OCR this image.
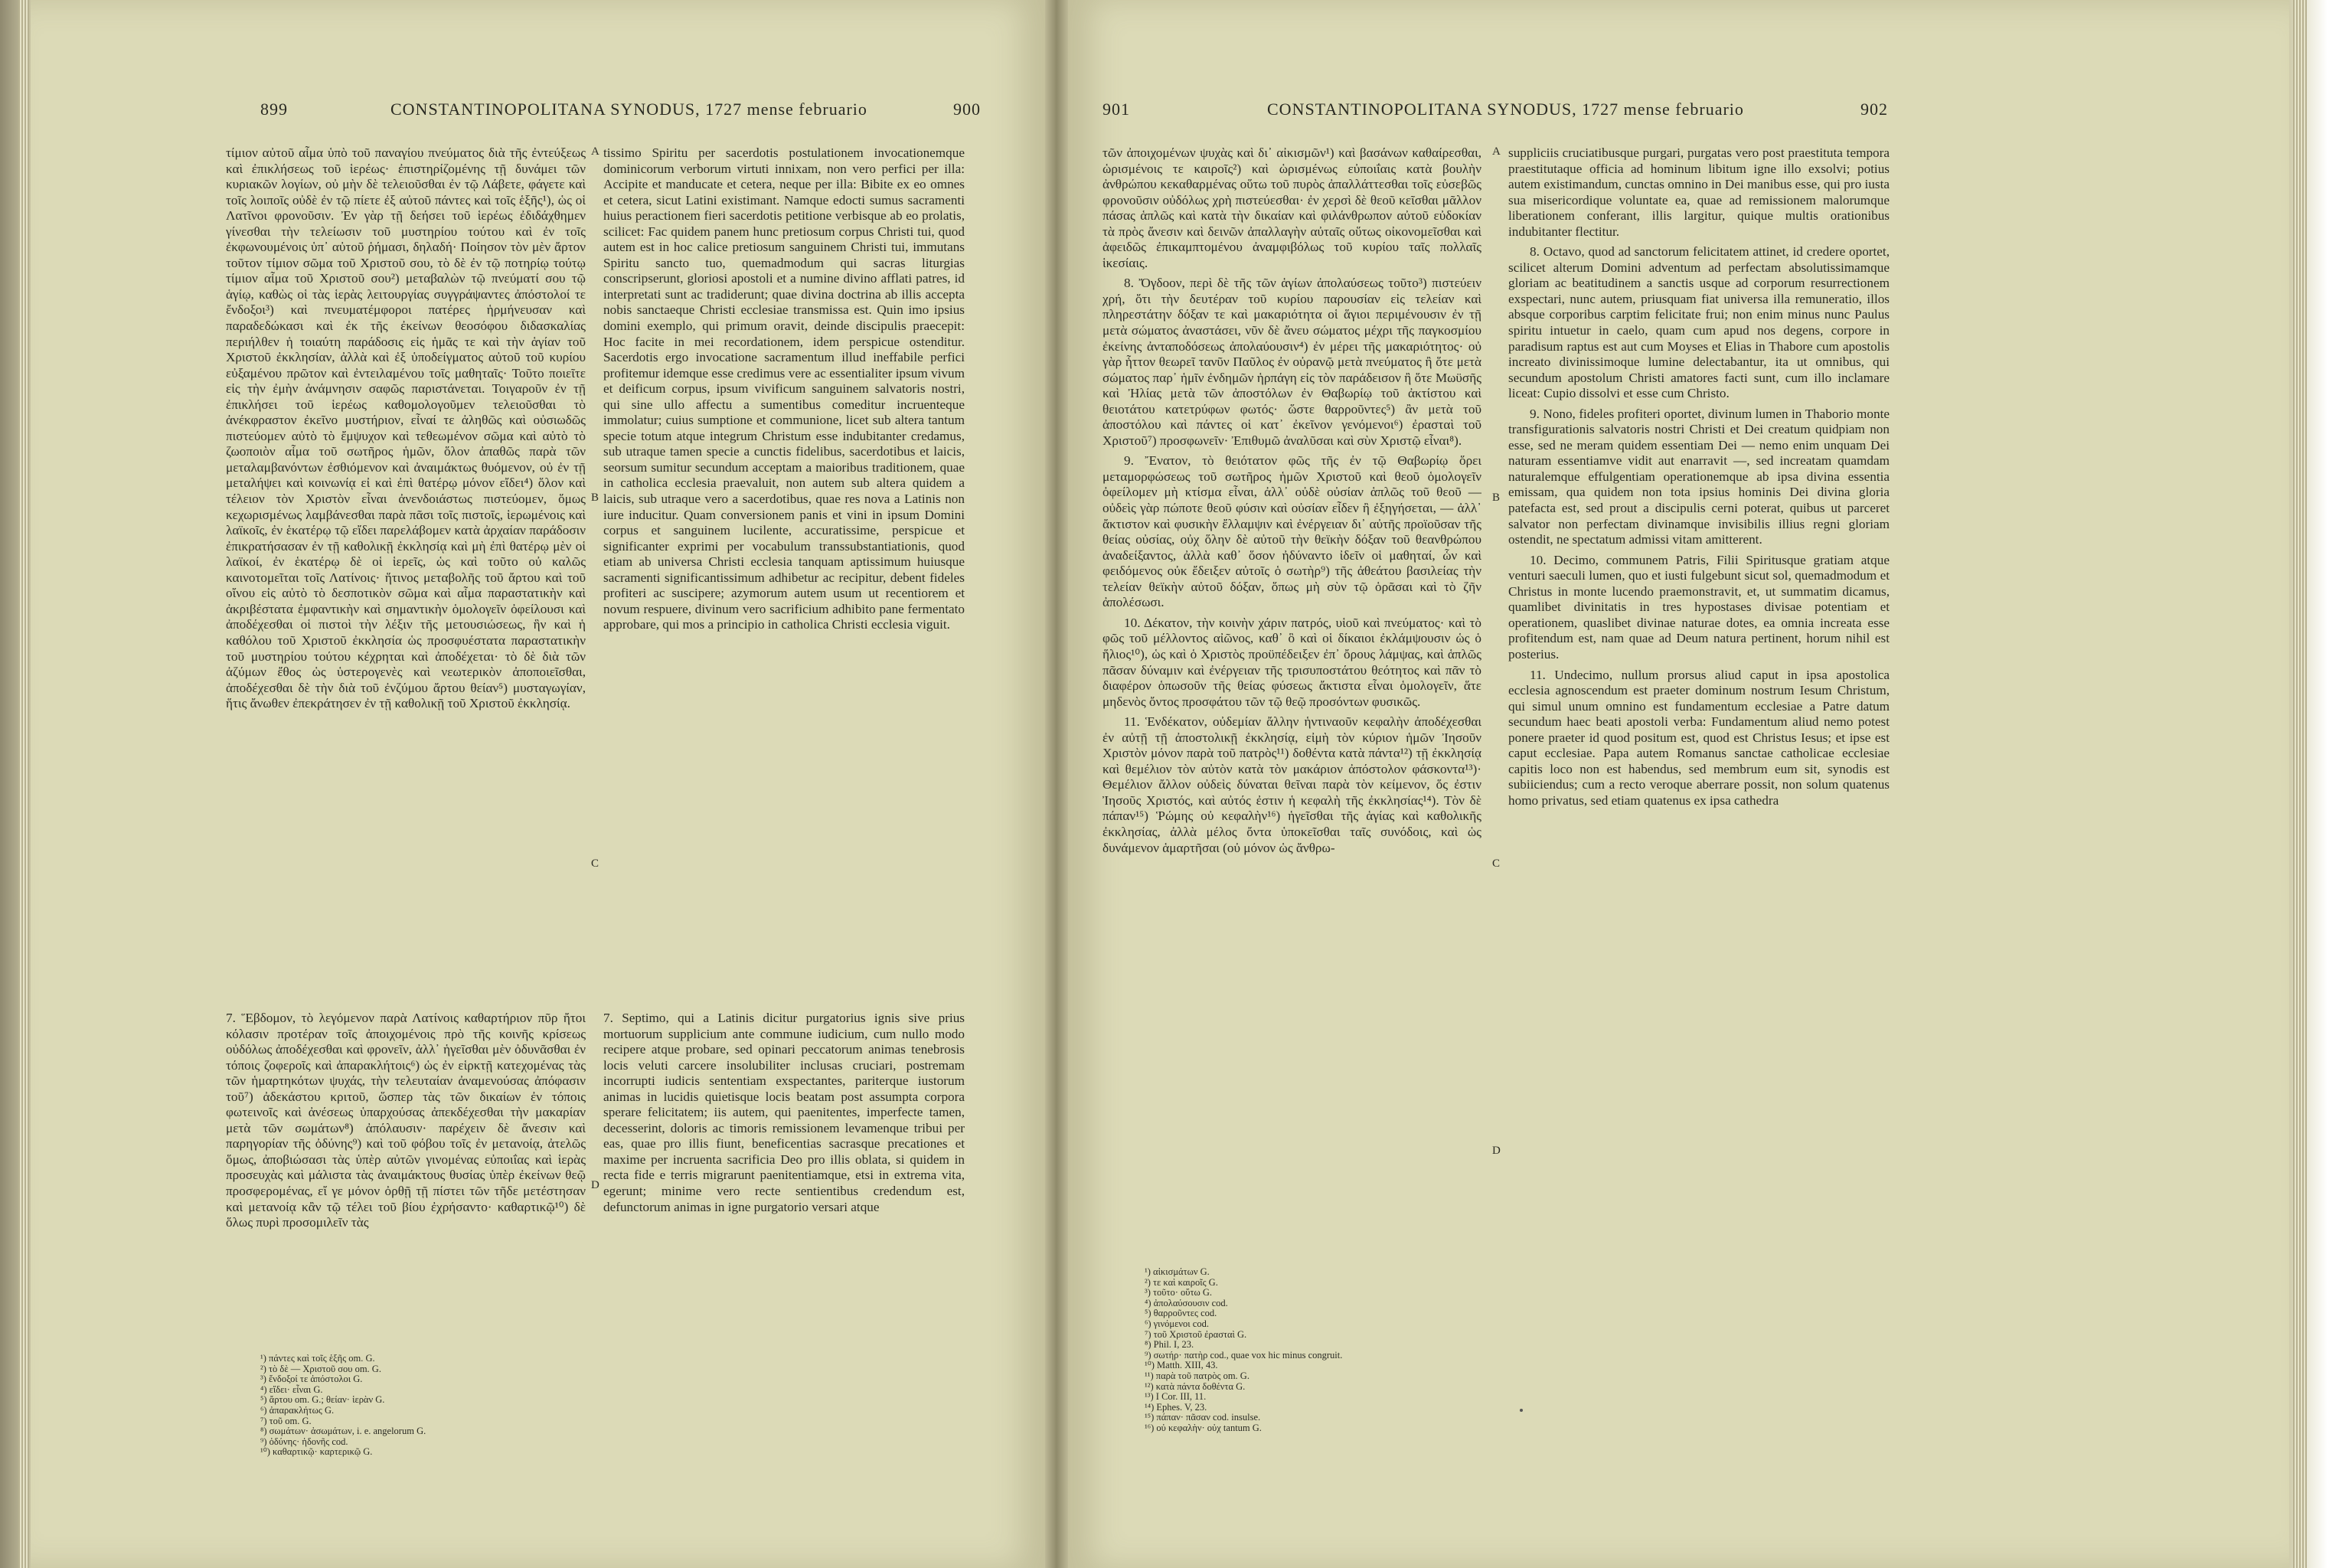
899	CONSTANTINOPOLITANA SYNODUS, 1727 mense februario	900

τίμιον αὐτοῦ αἷμα ὑπὸ τοῦ παναγίου πνεύματος διὰ τῆς ἐντεύξεως καὶ ἐπικλήσεως τοῦ ἱερέως· ἐπιστηρίζομένης τῇ δυνάμει τῶν κυριακῶν λογίων, οὐ μὴν δὲ τελειοῦσθαι ἐν τῷ Λάβετε, φάγετε καὶ τοῖς λοιποῖς οὐδὲ ἐν τῷ πίετε ἐξ αὐτοῦ πάντες καὶ τοῖς ἑξῆς¹), ὡς οἱ Λατῖνοι φρονοῦσιν. Ἐν γὰρ τῇ δεήσει τοῦ ἱερέως ἐδιδάχθημεν γίνεσθαι τὴν τελείωσιν τοῦ μυστηρίου τούτου καὶ ἐν τοῖς ἐκφωνουμένοις ὑπ᾽ αὐτοῦ ῥήμασι, δηλαδή· Ποίησον τὸν μὲν ἄρτον τοῦτον τίμιον σῶμα τοῦ Χριστοῦ σου, τὸ δὲ ἐν τῷ ποτηρίῳ τούτῳ τίμιον αἷμα τοῦ Χριστοῦ σου²) μεταβαλὼν τῷ πνεύματί σου τῷ ἁγίῳ, καθὼς οἱ τὰς ἱερὰς λειτουργίας συγγράψαντες ἀπόστολοί τε ἔνδοξοι³) καὶ πνευματέμφοροι πατέρες ἡρμήνευσαν καὶ παραδεδώκασι καὶ ἐκ τῆς ἐκείνων θεοσόφου διδασκαλίας περιήλθεν ἡ τοιαύτη παράδοσις εἰς ἡμᾶς τε καὶ τὴν ἁγίαν τοῦ Χριστοῦ ἐκκλησίαν, ἀλλὰ καὶ ἐξ ὑποδείγματος αὐτοῦ τοῦ κυρίου εὐξαμένου πρῶτον καὶ ἐντειλαμένου τοῖς μαθηταῖς· Τοῦτο ποιεῖτε εἰς τὴν ἐμὴν ἀνάμνησιν σαφῶς παριστάνεται. Τοιγαροῦν ἐν τῇ ἐπικλήσει τοῦ ἱερέως καθομολογοῦμεν τελειοῦσθαι τὸ ἀνέκφραστον ἐκεῖνο μυστήριον, εἶναί τε ἀληθῶς καὶ οὐσιωδῶς πιστεύομεν αὐτὸ τὸ ἔμψυχον καὶ τεθεωμένον σῶμα καὶ αὐτὸ τὸ ζωοποιὸν αἷμα τοῦ σωτῆρος ἡμῶν, ὅλον ἀπαθῶς παρὰ τῶν μεταλαμβανόντων ἐσθιόμενον καὶ ἀναιμάκτως θυόμενον, οὐ ἐν τῇ μεταλήψει καὶ κοινωνίᾳ εἰ καὶ ἐπὶ θατέρῳ μόνον εἴδει⁴) ὅλον καὶ τέλειον τὸν Χριστὸν εἶναι ἀνενδοιάστως πιστεύομεν, ὅμως κεχωρισμένως λαμβάνεσθαι παρὰ πᾶσι τοῖς πιστοῖς, ἱερωμένοις καὶ λαϊκοῖς, ἐν ἑκατέρῳ τῷ εἴδει παρελάβομεν κατὰ ἀρχαίαν παράδοσιν ἐπικρατήσασαν ἐν τῇ καθολικῇ ἐκκλησίᾳ καὶ μὴ ἐπὶ θατέρῳ μὲν οἱ λαϊκοί, ἐν ἑκατέρῳ δὲ οἱ ἱερεῖς, ὡς καὶ τοῦτο οὐ καλῶς καινοτομεῖται τοῖς Λατίνοις· ἥτινος μεταβολῆς τοῦ ἄρτου καὶ τοῦ οἴνου εἰς αὐτὸ τὸ δεσποτικὸν σῶμα καὶ αἷμα παραστατικὴν καὶ ἀκριβέστατα ἐμφαντικὴν καὶ σημαντικὴν ὁμολογεῖν ὀφείλουσι καὶ ἀποδέχεσθαι οἱ πιστοὶ τὴν λέξιν τῆς μετουσιώσεως, ἣν καὶ ἡ καθόλου τοῦ Χριστοῦ ἐκκλησία ὡς προσφυέστατα παραστατικὴν τοῦ μυστηρίου τούτου κέχρηται καὶ ἀποδέχεται· τὸ δὲ διὰ τῶν ἀζύμων ἔθος ὡς ὑστερογενὲς καὶ νεωτερικὸν ἀποποιεῖσθαι, ἀποδέχεσθαι δὲ τὴν διὰ τοῦ ἐνζύμου ἄρτου θείαν⁵) μυσταγωγίαν, ἥτις ἄνωθεν ἐπεκράτησεν ἐν τῇ καθολικῇ τοῦ Χριστοῦ ἐκκλησίᾳ.

tissimo Spiritu per sacerdotis postulationem invocationemque dominicorum verborum virtuti innixam, non vero perfici per illa: Accipite et manducate et cetera, neque per illa: Bibite ex eo omnes et cetera, sicut Latini existimant. Namque edocti sumus sacramenti huius peractionem fieri sacerdotis petitione verbisque ab eo prolatis, scilicet: Fac quidem panem hunc pretiosum corpus Christi tui, quod autem est in hoc calice pretiosum sanguinem Christi tui, immutans Spiritu sancto tuo, quemadmodum qui sacras liturgias conscripserunt, gloriosi apostoli et a numine divino afflati patres, id interpretati sunt ac tradiderunt; quae divina doctrina ab illis accepta nobis sanctaeque Christi ecclesiae transmissa est. Quin imo ipsius domini exemplo, qui primum oravit, deinde discipulis praecepit: Hoc facite in mei recordationem, idem perspicue ostenditur. Sacerdotis ergo invocatione sacramentum illud ineffabile perfici profitemur idemque esse credimus vere ac essentialiter ipsum vivum et deificum corpus, ipsum vivificum sanguinem salvatoris nostri, qui sine ullo affectu a sumentibus comeditur incruenteque immolatur; cuius sumptione et communione, licet sub altera tantum specie totum atque integrum Christum esse indubitanter credamus, sub utraque tamen specie a cunctis fidelibus, sacerdotibus et laicis, seorsum sumitur secundum acceptam a maioribus traditionem, quae in catholica ecclesia praevaluit, non autem sub altera quidem a laicis, sub utraque vero a sacerdotibus, quae res nova a Latinis non iure inducitur. Quam conversionem panis et vini in ipsum Domini corpus et sanguinem lucilente, accuratissime, perspicue et significanter exprimi per vocabulum transsubstantiationis, quod etiam ab universa Christi ecclesia tanquam aptissimum huiusque sacramenti significantissimum adhibetur ac recipitur, debent fideles profiteri ac suscipere; azymorum autem usum ut recentiorem et novum respuere, divinum vero sacrificium adhibito pane fermentato approbare, qui mos a principio in catholica Christi ecclesia viguit.

7. Ἕβδομον, τὸ λεγόμενον παρὰ Λατίνοις καθαρτήριον πῦρ ἤτοι κόλασιν προτέραν τοῖς ἀποιχομένοις πρὸ τῆς κοινῆς κρίσεως οὐδόλως ἀποδέχεσθαι καὶ φρονεῖν, ἀλλ᾽ ἡγεῖσθαι μὲν ὀδυνᾶσθαι ἐν τόποις ζοφεροῖς καὶ ἀπαρακλήτοις⁶) ὡς ἐν εἱρκτῇ κατεχομένας τὰς τῶν ἡμαρτηκότων ψυχάς, τὴν τελευταίαν ἀναμενούσας ἀπόφασιν τοῦ⁷) ἀδεκάστου κριτοῦ, ὥσπερ τὰς τῶν δικαίων ἐν τόποις φωτεινοῖς καὶ ἀνέσεως ὑπαρχούσας ἀπεκδέχεσθαι τὴν μακαρίαν μετὰ τῶν σωμάτων⁸) ἀπόλαυσιν· παρέχειν δὲ ἄνεσιν καὶ παρηγορίαν τῆς ὀδύνης⁹) καὶ τοῦ φόβου τοῖς ἐν μετανοίᾳ, ἀτελῶς ὅμως, ἀποβιώσασι τὰς ὑπὲρ αὐτῶν γινομένας εὐποιΐας καὶ ἱερὰς προσευχὰς καὶ μάλιστα τὰς ἀναιμάκτους θυσίας ὑπὲρ ἐκείνων θεῷ προσφερομένας, εἴ γε μόνον ὀρθῇ τῇ πίστει τῶν τῆδε μετέστησαν καὶ μετανοίᾳ κἂν τῷ τέλει τοῦ βίου ἐχρήσαντο· καθαρτικῷ¹⁰) δὲ ὅλως πυρὶ προσομιλεῖν τὰς

7. Septimo, qui a Latinis dicitur purgatorius ignis sive prius mortuorum supplicium ante commune iudicium, cum nullo modo recipere atque probare, sed opinari peccatorum animas tenebrosis locis veluti carcere insolubiliter inclusas cruciari, postremam incorrupti iudicis sententiam exspectantes, pariterque iustorum animas in lucidis quietisque locis beatam post assumpta corpora sperare felicitatem; iis autem, qui paenitentes, imperfecte tamen, decesserint, doloris ac timoris remissionem levamenque tribui per eas, quae pro illis fiunt, beneficentias sacrasque precationes et maxime per incruenta sacrificia Deo pro illis oblata, si quidem in recta fide e terris migrarunt paenitentiamque, etsi in extrema vita, egerunt; minime vero recte sentientibus credendum est, defunctorum animas in igne purgatorio versari atque

A
B
C
D
¹) πάντες καὶ τοῖς ἑξῆς om. G.
²) τὸ δὲ — Χριστοῦ σου om. G.
³) ἔνδοξοί τε ἀπόστολοι G.
⁴) εἴδει· εἶναι G.
⁵) ἄρτου om. G.; θείαν· ἱερὰν G.
⁶) ἀπαρακλήτως G.
⁷) τοῦ om. G.
⁸) σωμάτων· ἀσωμάτων, i. e. angelorum G.
⁹) ὀδύνης· ἡδονῆς cod.
¹⁰) καθαρτικῷ· καρτερικῷ G.
901	CONSTANTINOPOLITANA SYNODUS, 1727 mense februario	902

τῶν ἀποιχομένων ψυχὰς καὶ δι᾽ αἰκισμῶν¹) καὶ βασάνων καθαίρεσθαι, ὡρισμένοις τε καιροῖς²) καὶ ὡρισμένως εὐποιΐαις κατὰ βουλὴν ἀνθρώπου κεκαθαρμένας οὕτω τοῦ πυρὸς ἀπαλλάττεσθαι τοῖς εὐσεβῶς φρονοῦσιν οὐδόλως χρὴ πιστεύεσθαι· ἐν χερσὶ δὲ θεοῦ κεῖσθαι μᾶλλον πάσας ἁπλῶς καὶ κατὰ τὴν δικαίαν καὶ φιλάνθρωπον αὐτοῦ εὐδοκίαν τὰ πρὸς ἄνεσιν καὶ δεινῶν ἀπαλλαγὴν αὐταῖς οὕτως οἰκονομεῖσθαι καὶ ἀφειδῶς ἐπικαμπτομένου ἀναμφιβόλως τοῦ κυρίου ταῖς πολλαῖς ἱκεσίαις.

8. Ὄγδοον, περὶ δὲ τῆς τῶν ἁγίων ἀπολαύσεως τοῦτο³) πιστεύειν χρή, ὅτι τὴν δευτέραν τοῦ κυρίου παρουσίαν εἰς τελείαν καὶ πληρεστάτην δόξαν τε καὶ μακαριότητα οἱ ἅγιοι περιμένουσιν ἐν τῇ μετὰ σώματος ἀναστάσει, νῦν δὲ ἄνευ σώματος μέχρι τῆς παγκοσμίου ἐκείνης ἀνταποδόσεως ἀπολαύουσιν⁴) ἐν μέρει τῆς μακαριότητος· οὐ γὰρ ἧττον θεωρεῖ τανῦν Παῦλος ἐν οὐρανῷ μετὰ πνεύματος ἢ ὅτε μετὰ σώματος παρ᾽ ἡμῖν ἐνδημῶν ἡρπάγη εἰς τὸν παράδεισον ἢ ὅτε Μωϋσῆς καὶ Ἠλίας μετὰ τῶν ἀποστόλων ἐν Θαβωρίῳ τοῦ ἀκτίστου καὶ θειοτάτου κατετρύφων φωτός· ὥστε θαρροῦντες⁵) ἂν μετὰ τοῦ ἀποστόλου καὶ πάντες οἱ κατ᾽ ἐκεῖνον γενόμενοι⁶) ἐρασταὶ τοῦ Χριστοῦ⁷) προσφωνεῖν· Ἐπιθυμῶ ἀναλῦσαι καὶ σὺν Χριστῷ εἶναι⁸).

9. Ἔνατον, τὸ θειότατον φῶς τῆς ἐν τῷ Θαβωρίῳ ὅρει μεταμορφώσεως τοῦ σωτῆρος ἡμῶν Χριστοῦ καὶ θεοῦ ὁμολογεῖν ὀφείλομεν μὴ κτίσμα εἶναι, ἀλλ᾽ οὐδὲ οὐσίαν ἁπλῶς τοῦ θεοῦ — οὐδεὶς γὰρ πώποτε θεοῦ φύσιν καὶ οὐσίαν εἶδεν ἢ ἐξηγήσεται, — ἀλλ᾽ ἄκτιστον καὶ φυσικὴν ἔλλαμψιν καὶ ἐνέργειαν δι᾽ αὐτῆς προϊοῦσαν τῆς θείας οὐσίας, οὐχ ὅλην δὲ αὐτοῦ τὴν θεϊκὴν δόξαν τοῦ θεανθρώπου ἀναδείξαντος, ἀλλὰ καθ᾽ ὅσον ἠδύναντο ἰδεῖν οἱ μαθηταί, ὧν καὶ φειδόμενος οὐκ ἔδειξεν αὐτοῖς ὁ σωτὴρ⁹) τῆς ἀθεάτου βασιλείας τὴν τελείαν θεϊκὴν αὐτοῦ δόξαν, ὅπως μὴ σὺν τῷ ὁρᾶσαι καὶ τὸ ζῆν ἀπολέσωσι.

10. Δέκατον, τὴν κοινὴν χάριν πατρός, υἱοῦ καὶ πνεύματος· καὶ τὸ φῶς τοῦ μέλλοντος αἰῶνος, καθ᾽ ὃ καὶ οἱ δίκαιοι ἐκλάμψουσιν ὡς ὁ ἥλιος¹⁰), ὡς καὶ ὁ Χριστὸς προϋπέδειξεν ἐπ᾽ ὄρους λάμψας, καὶ ἁπλῶς πᾶσαν δύναμιν καὶ ἐνέργειαν τῆς τρισυποστάτου θεότητος καὶ πᾶν τὸ διαφέρον ὁπωσοῦν τῆς θείας φύσεως ἄκτιστα εἶναι ὁμολογεῖν, ἅτε μηδενὸς ὄντος προσφάτου τῶν τῷ θεῷ προσόντων φυσικῶς.

11. Ἑνδέκατον, οὐδεμίαν ἄλλην ἡντιναοῦν κεφαλὴν ἀποδέχεσθαι ἐν αὐτῇ τῇ ἀποστολικῇ ἐκκλησίᾳ, εἰμὴ τὸν κύριον ἡμῶν Ἰησοῦν Χριστὸν μόνον παρὰ τοῦ πατρὸς¹¹) δοθέντα κατὰ πάντα¹²) τῇ ἐκκλησίᾳ καὶ θεμέλιον τὸν αὐτὸν κατὰ τὸν μακάριον ἀπόστολον φάσκοντα¹³)· Θεμέλιον ἄλλον οὐδεὶς δύναται θεῖναι παρὰ τὸν κείμενον, ὅς ἐστιν Ἰησοῦς Χριστός, καὶ αὐτός ἐστιν ἡ κεφαλὴ τῆς ἐκκλησίας¹⁴). Τὸν δὲ πάπαν¹⁵) Ῥώμης οὐ κεφαλὴν¹⁶) ἡγεῖσθαι τῆς ἁγίας καὶ καθολικῆς ἐκκλησίας, ἀλλὰ μέλος ὄντα ὑποκεῖσθαι ταῖς συνόδοις, καὶ ὡς δυνάμενον ἁμαρτῆσαι (οὐ μόνον ὡς ἄνθρω-

suppliciis cruciatibusque purgari, purgatas vero post praestituta tempora praestitutaque officia ad hominum libitum igne illo exsolvi; potius autem existimandum, cunctas omnino in Dei manibus esse, qui pro iusta sua misericordique voluntate ea, quae ad remissionem malorumque liberationem conferant, illis largitur, quique multis orationibus indubitanter flectitur.

8. Octavo, quod ad sanctorum felicitatem attinet, id credere oportet, scilicet alterum Domini adventum ad perfectam absolutissimamque gloriam ac beatitudinem a sanctis usque ad corporum resurrectionem exspectari, nunc autem, priusquam fiat universa illa remuneratio, illos absque corporibus carptim felicitate frui; non enim minus nunc Paulus spiritu intuetur in caelo, quam cum apud nos degens, corpore in paradisum raptus est aut cum Moyses et Elias in Thabore cum apostolis increato divinissimoque lumine delectabantur, ita ut omnibus, qui secundum apostolum Christi amatores facti sunt, cum illo inclamare liceat: Cupio dissolvi et esse cum Christo.

9. Nono, fideles profiteri oportet, divinum lumen in Thaborio monte transfigurationis salvatoris nostri Christi et Dei creatum quidpiam non esse, sed ne meram quidem essentiam Dei — nemo enim unquam Dei naturam essentiamve vidit aut enarravit —, sed increatam quamdam naturalemque effulgentiam operationemque ab ipsa divina essentia emissam, qua quidem non tota ipsius hominis Dei divina gloria patefacta est, sed prout a discipulis cerni poterat, quibus ut parceret salvator non perfectam divinamque invisibilis illius regni gloriam ostendit, ne spectatum admissi vitam amitterent.

10. Decimo, communem Patris, Filii Spiritusque gratiam atque venturi saeculi lumen, quo et iusti fulgebunt sicut sol, quemadmodum et Christus in monte lucendo praemonstravit, et, ut summatim dicamus, quamlibet divinitatis in tres hypostases divisae potentiam et operationem, quaslibet divinae naturae dotes, ea omnia increata esse profitendum est, nam quae ad Deum natura pertinent, horum nihil est posterius.

11. Undecimo, nullum prorsus aliud caput in ipsa apostolica ecclesia agnoscendum est praeter dominum nostrum Iesum Christum, qui simul unum omnino est fundamentum ecclesiae a Patre datum secundum haec beati apostoli verba: Fundamentum aliud nemo potest ponere praeter id quod positum est, quod est Christus Iesus; et ipse est caput ecclesiae. Papa autem Romanus sanctae catholicae ecclesiae capitis loco non est habendus, sed membrum eum sit, synodis est subiiciendus; cum a recto veroque aberrare possit, non solum quatenus homo privatus, sed etiam quatenus ex ipsa cathedra

A
B
C
D
¹) αἰκισμάτων G.
²) τε καὶ καιροῖς G.
³) τοῦτο· οὕτω G.
⁴) ἀπολαύσουσιν cod.
⁵) θαρροῦντες cod.
⁶) γινόμενοι cod.
⁷) τοῦ Χριστοῦ ἐρασταὶ G.
⁸) Phil. I, 23.
⁹) σωτήρ· πατὴρ cod., quae vox hic minus congruit.
¹⁰) Matth. XIII, 43.
¹¹) παρὰ τοῦ πατρὸς om. G.
¹²) κατὰ πάντα δοθέντα G.
¹³) I Cor. III, 11.
¹⁴) Ephes. V, 23.
¹⁵) πάπαν· πᾶσαν cod. insulse.
¹⁶) οὐ κεφαλὴν· οὐχ tantum G.
